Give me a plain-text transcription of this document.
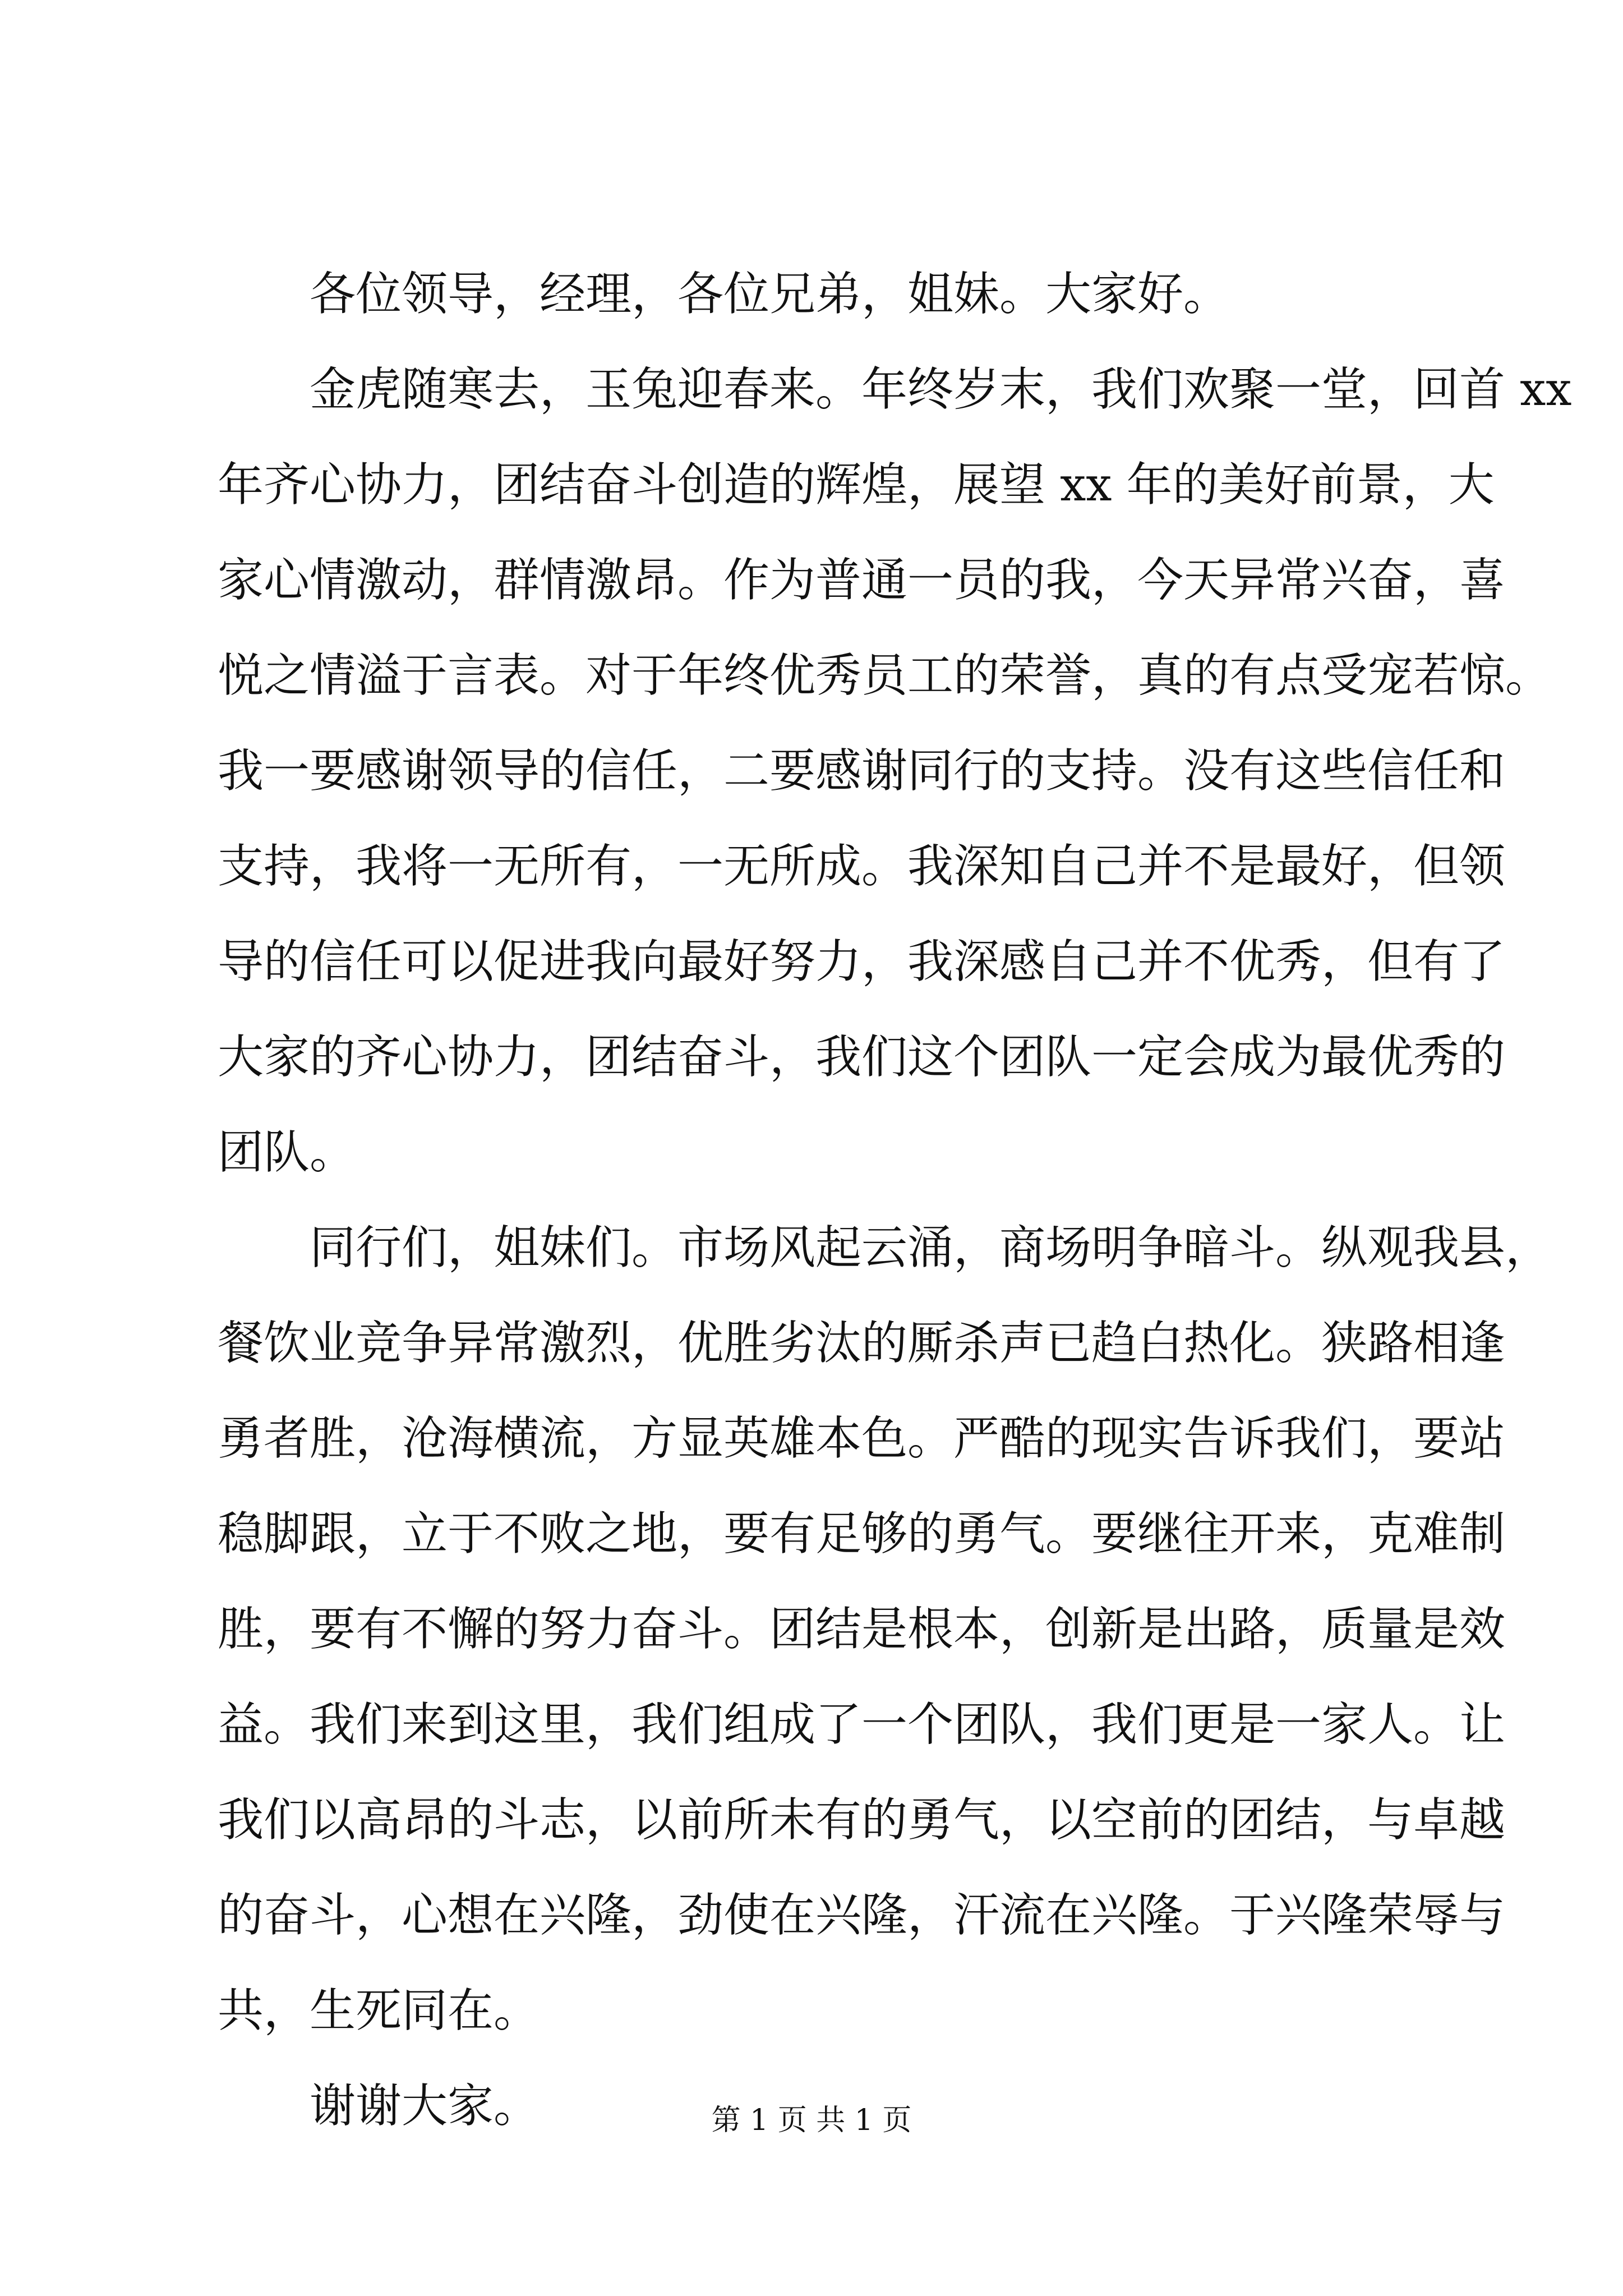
各位领导，经理，各位兄弟，姐妹。大家好。
金虎随寒去，玉兔迎春来。年终岁末，我们欢聚一堂，回首 xx
年齐心协力，团结奋斗创造的辉煌，展望 xx 年的美好前景，大
家心情激动，群情激昂。作为普通一员的我，今天异常兴奋，喜
悦之情溢于言表。对于年终优秀员工的荣誉，真的有点受宠若惊。
我一要感谢领导的信任，二要感谢同行的支持。没有这些信任和
支持，我将一无所有，一无所成。我深知自己并不是最好，但领
导的信任可以促进我向最好努力，我深感自己并不优秀，但有了
大家的齐心协力，团结奋斗，我们这个团队一定会成为最优秀的
团队。
同行们，姐妹们。市场风起云涌，商场明争暗斗。纵观我县，
餐饮业竞争异常激烈，优胜劣汰的厮杀声已趋白热化。狭路相逢
勇者胜，沧海横流，方显英雄本色。严酷的现实告诉我们，要站
稳脚跟，立于不败之地，要有足够的勇气。要继往开来，克难制
胜，要有不懈的努力奋斗。团结是根本，创新是出路，质量是效
益。我们来到这里，我们组成了一个团队，我们更是一家人。让
我们以高昂的斗志，以前所未有的勇气，以空前的团结，与卓越
的奋斗，心想在兴隆，劲使在兴隆，汗流在兴隆。于兴隆荣辱与
共，生死同在。
谢谢大家。	第 1 页 共 1 页
